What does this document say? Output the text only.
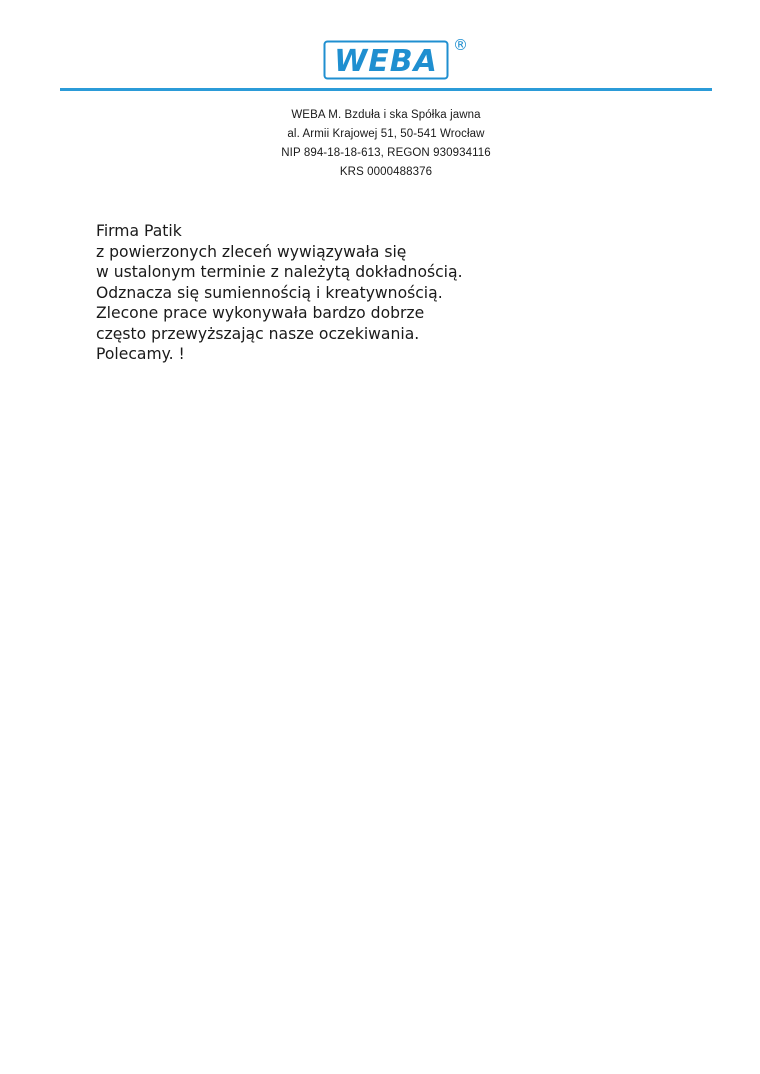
WEBA ®
WEBA M. Bzduła i ska Spółka jawna
al. Armii Krajowej 51, 50-541 Wrocław
NIP 894-18-18-613, REGON 930934116
KRS 0000488376
Firma Patik
z powierzonych zleceń wywiązywała się
w ustalonym terminie z należytą dokładnością.
Odznacza się sumiennością i kreatywnością.
Zlecone prace wykonywała bardzo dobrze
często przewyższając nasze oczekiwania.
Polecamy. !
